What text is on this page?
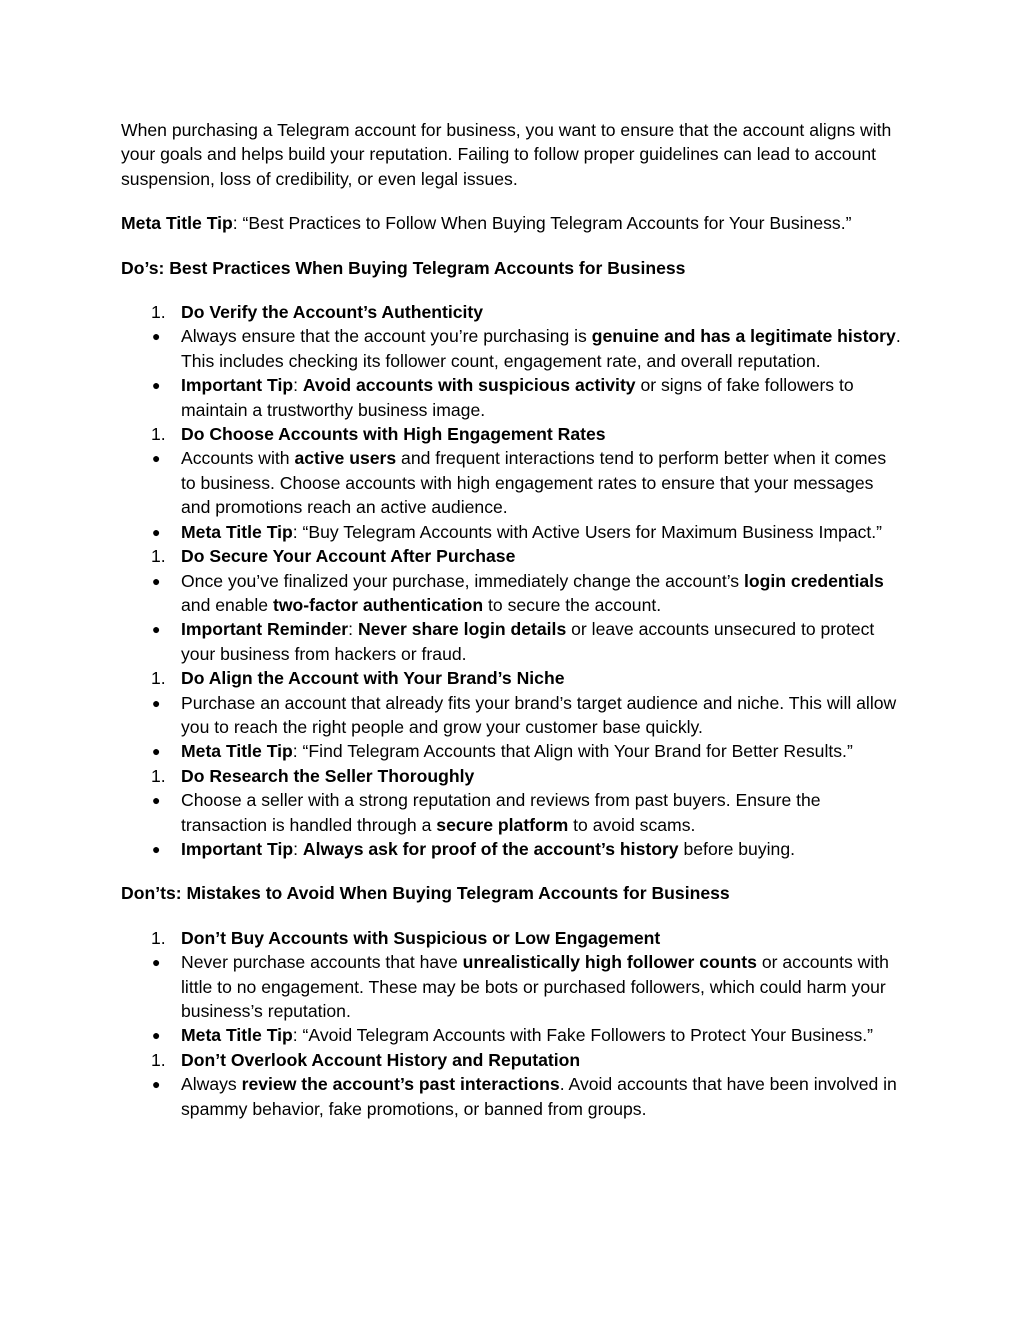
When purchasing a Telegram account for business, you want to ensure that the account aligns with your goals and helps build your reputation. Failing to follow proper guidelines can lead to account suspension, loss of credibility, or even legal issues.

Meta Title Tip: “Best Practices to Follow When Buying Telegram Accounts for Your Business.”

Do’s: Best Practices When Buying Telegram Accounts for Business

1. Do Verify the Account’s Authenticity
●	Always ensure that the account you’re purchasing is genuine and has a legitimate history. This includes checking its follower count, engagement rate, and overall reputation.
●	Important Tip: Avoid accounts with suspicious activity or signs of fake followers to maintain a trustworthy business image.
1. Do Choose Accounts with High Engagement Rates
●	Accounts with active users and frequent interactions tend to perform better when it comes to business. Choose accounts with high engagement rates to ensure that your messages and promotions reach an active audience.
●	Meta Title Tip: “Buy Telegram Accounts with Active Users for Maximum Business Impact.”
1. Do Secure Your Account After Purchase
●	Once you’ve finalized your purchase, immediately change the account’s login credentials and enable two-factor authentication to secure the account.
●	Important Reminder: Never share login details or leave accounts unsecured to protect your business from hackers or fraud.
1. Do Align the Account with Your Brand’s Niche
●	Purchase an account that already fits your brand’s target audience and niche. This will allow you to reach the right people and grow your customer base quickly.
●	Meta Title Tip: “Find Telegram Accounts that Align with Your Brand for Better Results.”
1. Do Research the Seller Thoroughly
●	Choose a seller with a strong reputation and reviews from past buyers. Ensure the transaction is handled through a secure platform to avoid scams.
●	Important Tip: Always ask for proof of the account’s history before buying.

Don’ts: Mistakes to Avoid When Buying Telegram Accounts for Business

1. Don’t Buy Accounts with Suspicious or Low Engagement
●	Never purchase accounts that have unrealistically high follower counts or accounts with little to no engagement. These may be bots or purchased followers, which could harm your business’s reputation.
●	Meta Title Tip: “Avoid Telegram Accounts with Fake Followers to Protect Your Business.”
1. Don’t Overlook Account History and Reputation
●	Always review the account’s past interactions. Avoid accounts that have been involved in spammy behavior, fake promotions, or banned from groups.
